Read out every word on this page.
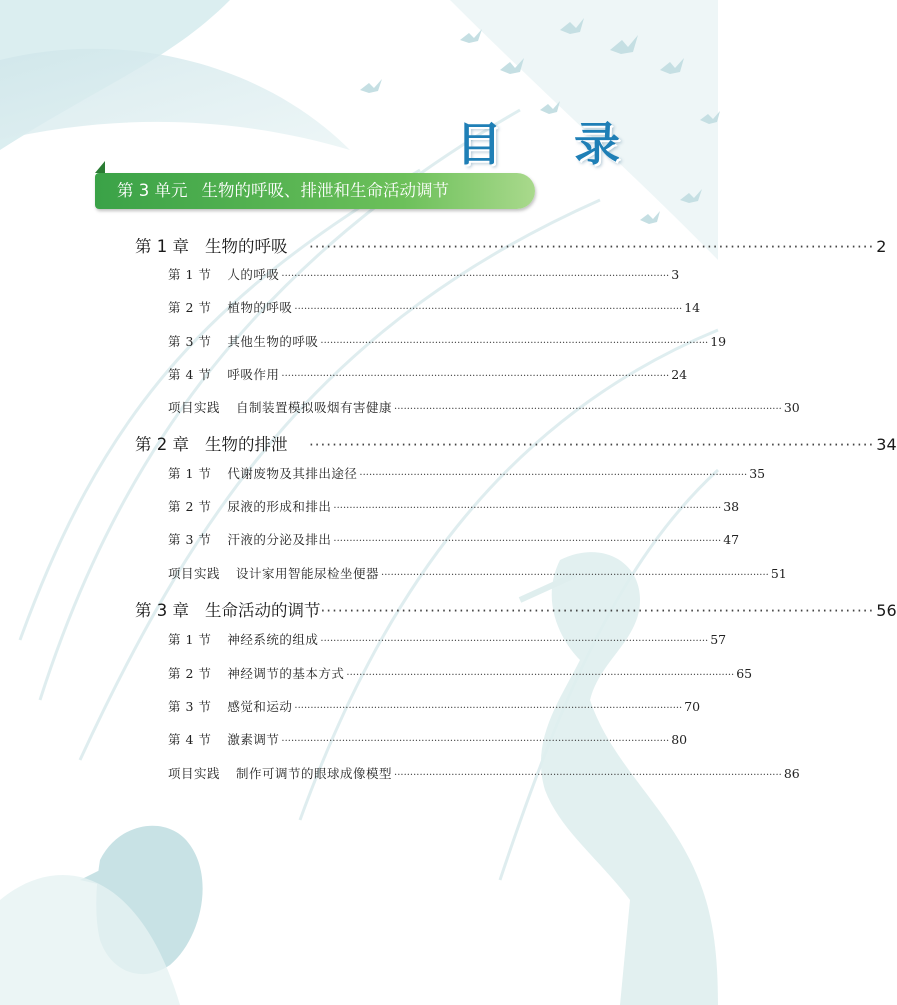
目 录
第 3 单元 生物的呼吸、排泄和生命活动调节
第 1 章 生物的呼吸	·································································································· 2
第 1 节 人的呼吸 ·························································································································· 3
第 2 节 植物的呼吸 ·························································································································· 14
第 3 节 其他生物的呼吸 ·························································································································· 19
第 4 节 呼吸作用 ·························································································································· 24
项目实践 自制装置模拟吸烟有害健康 ·························································································································· 30
第 2 章 生物的排泄	·································································································· 34
第 1 节 代谢废物及其排出途径 ·························································································································· 35
第 2 节 尿液的形成和排出 ·························································································································· 38
第 3 节 汗液的分泌及排出 ·························································································································· 47
项目实践 设计家用智能尿检坐便器 ·························································································································· 51
第 3 章 生命活动的调节
·································································································· 56
第 1 节 神经系统的组成 ·························································································································· 57
第 2 节 神经调节的基本方式 ·························································································································· 65
第 3 节 感觉和运动 ·························································································································· 70
第 4 节 激素调节 ·························································································································· 80
项目实践 制作可调节的眼球成像模型 ·························································································································· 86
